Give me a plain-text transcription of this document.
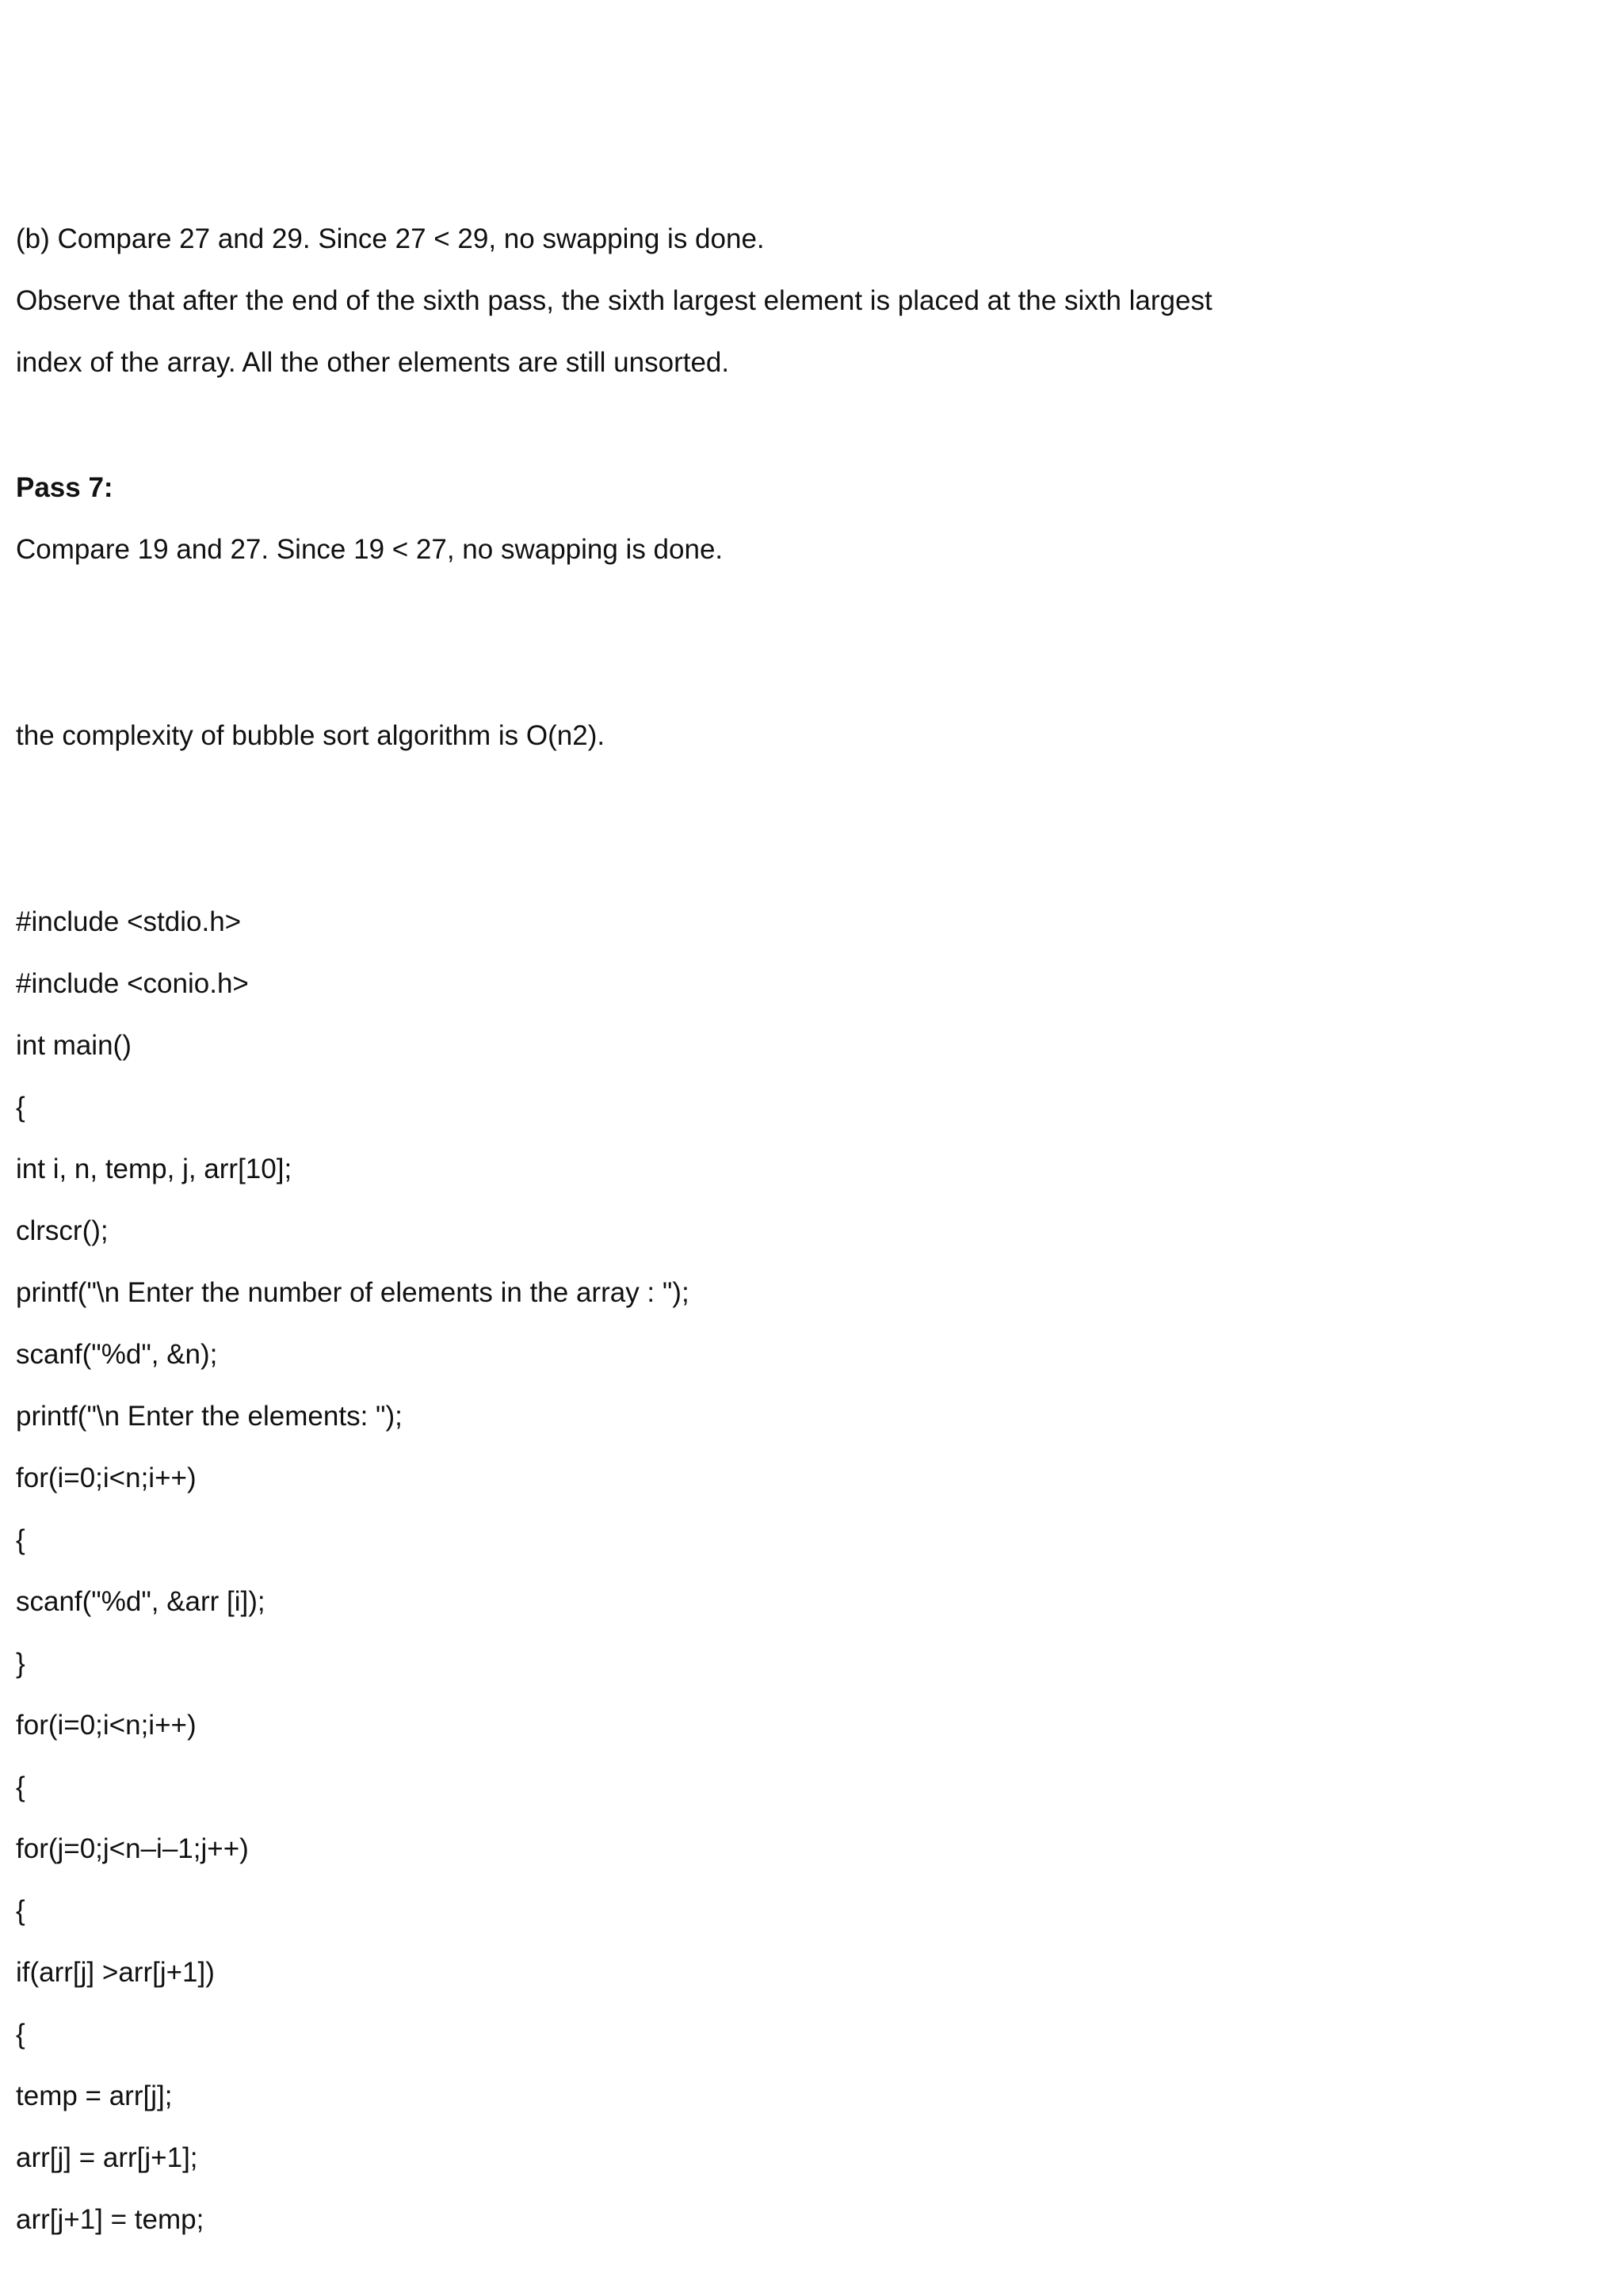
(b) Compare 27 and 29. Since 27 < 29, no swapping is done.

Observe that after the end of the sixth pass, the sixth largest element is placed at the sixth largest

index of the array. All the other elements are still unsorted.

Pass 7:

Compare 19 and 27. Since 19 < 27, no swapping is done.

the complexity of bubble sort algorithm is O(n2).

#include <stdio.h>

#include <conio.h>

int main()

{

int i, n, temp, j, arr[10];

clrscr();

printf("\n Enter the number of elements in the array : ");

scanf("%d", &n);

printf("\n Enter the elements: ");

for(i=0;i<n;i++)

{

scanf("%d", &arr [i]);

}

for(i=0;i<n;i++)

{

for(j=0;j<n–i–1;j++)

{

if(arr[j] >arr[j+1])

{

temp = arr[j];

arr[j] = arr[j+1];

arr[j+1] = temp;
